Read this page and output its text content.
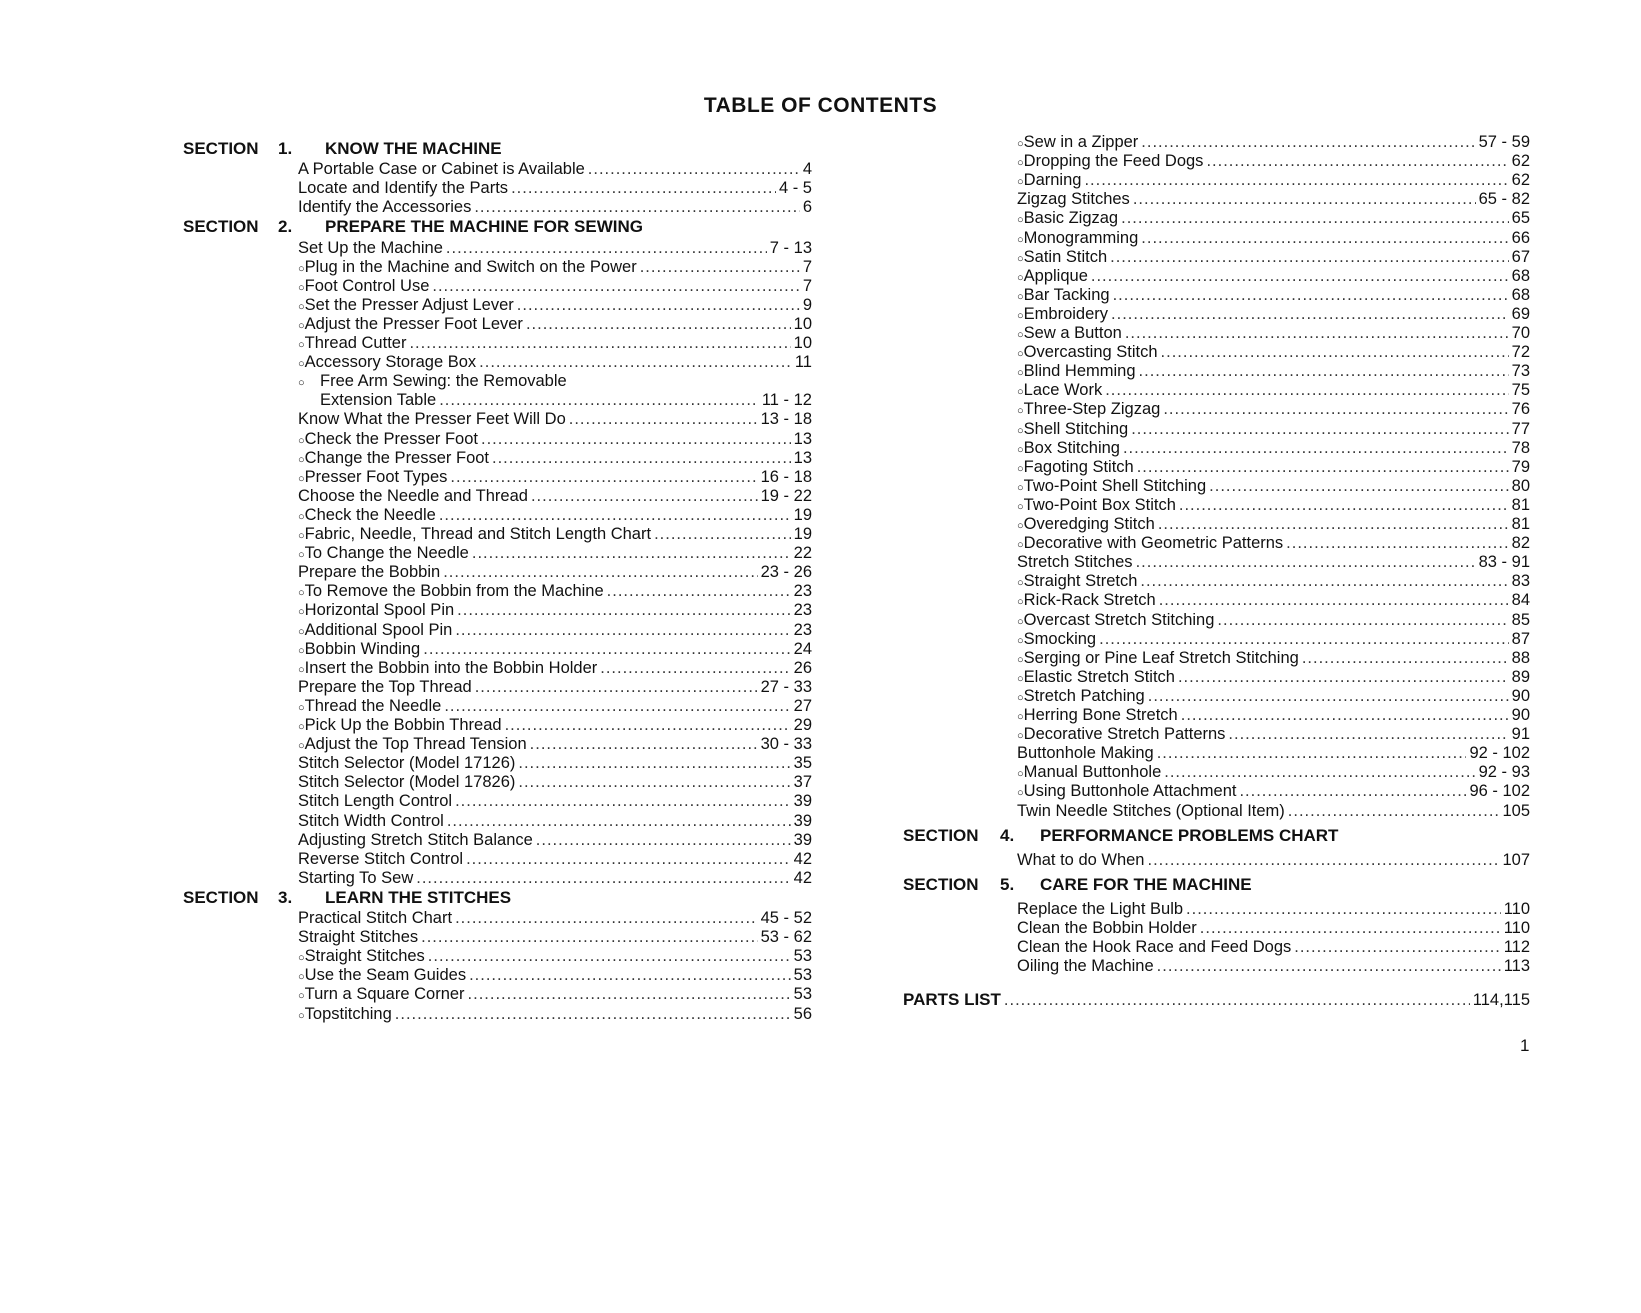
TABLE OF CONTENTS
SECTION 1. KNOW THE MACHINE
A Portable Case or Cabinet is Available .....	4
Locate and Identify the Parts .....	4 - 5
Identify the Accessories .....	6
SECTION 2. PREPARE THE MACHINE FOR SEWING
Set Up the Machine .....	7 - 13
○ Plug in the Machine and Switch on the Power .....	7
○ Foot Control Use .....	7
○ Set the Presser Adjust Lever .....	9
○ Adjust the Presser Foot Lever .....	10
○ Thread Cutter .....	10
○ Accessory Storage Box .....	11
○ Free Arm Sewing: the Removable
Extension Table .....	11 - 12
Know What the Presser Feet Will Do .....	13 - 18
○ Check the Presser Foot .....	13
○ Change the Presser Foot .....	13
○ Presser Foot Types .....	16 - 18
Choose the Needle and Thread .....	19 - 22
○ Check the Needle .....	19
○ Fabric, Needle, Thread and Stitch Length Chart .....	19
○ To Change the Needle .....	22
Prepare the Bobbin .....	23 - 26
○ To Remove the Bobbin from the Machine .....	23
○ Horizontal Spool Pin .....	23
○ Additional Spool Pin .....	23
○ Bobbin Winding .....	24
○ Insert the Bobbin into the Bobbin Holder .....	26
Prepare the Top Thread .....	27 - 33
○ Thread the Needle .....	27
○ Pick Up the Bobbin Thread .....	29
○ Adjust the Top Thread Tension .....	30 - 33
Stitch Selector (Model 17126) .....	35
Stitch Selector (Model 17826) .....	37
Stitch Length Control .....	39
Stitch Width Control .....	39
Adjusting Stretch Stitch Balance .....	39
Reverse Stitch Control .....	42
Starting To Sew .....	42
SECTION 3. LEARN THE STITCHES
Practical Stitch Chart .....	45 - 52
Straight Stitches .....	53 - 62
○ Straight Stitches .....	53
○ Use the Seam Guides .....	53
○ Turn a Square Corner .....	53
○ Topstitching .....	56
○ Sew in a Zipper .....	57 - 59
○ Dropping the Feed Dogs .....	62
○ Darning .....	62
Zigzag Stitches .....	65 - 82
○ Basic Zigzag .....	65
○ Monogramming .....	66
○ Satin Stitch .....	67
○ Applique .....	68
○ Bar Tacking .....	68
○ Embroidery .....	69
○ Sew a Button .....	70
○ Overcasting Stitch .....	72
○ Blind Hemming .....	73
○ Lace Work .....	75
○ Three-Step Zigzag .....	76
○ Shell Stitching .....	77
○ Box Stitching .....	78
○ Fagoting Stitch .....	79
○ Two-Point Shell Stitching .....	80
○ Two-Point Box Stitch .....	81
○ Overedging Stitch .....	81
○ Decorative with Geometric Patterns .....	82
Stretch Stitches .....	83 - 91
○ Straight Stretch .....	83
○ Rick-Rack Stretch .....	84
○ Overcast Stretch Stitching .....	85
○ Smocking .....	87
○ Serging or Pine Leaf Stretch Stitching .....	88
○ Elastic Stretch Stitch .....	89
○ Stretch Patching .....	90
○ Herring Bone Stretch .....	90
○ Decorative Stretch Patterns .....	91
Buttonhole Making .....	92 - 102
○ Manual Buttonhole .....	92 - 93
○ Using Buttonhole Attachment .....	96 - 102
Twin Needle Stitches (Optional Item) .....	105
SECTION 4. PERFORMANCE PROBLEMS CHART
What to do When .....	107
SECTION 5. CARE FOR THE MACHINE
Replace the Light Bulb .....	110
Clean the Bobbin Holder .....	110
Clean the Hook Race and Feed Dogs .....	112
Oiling the Machine .....	113
PARTS LIST .....	114,115
1
